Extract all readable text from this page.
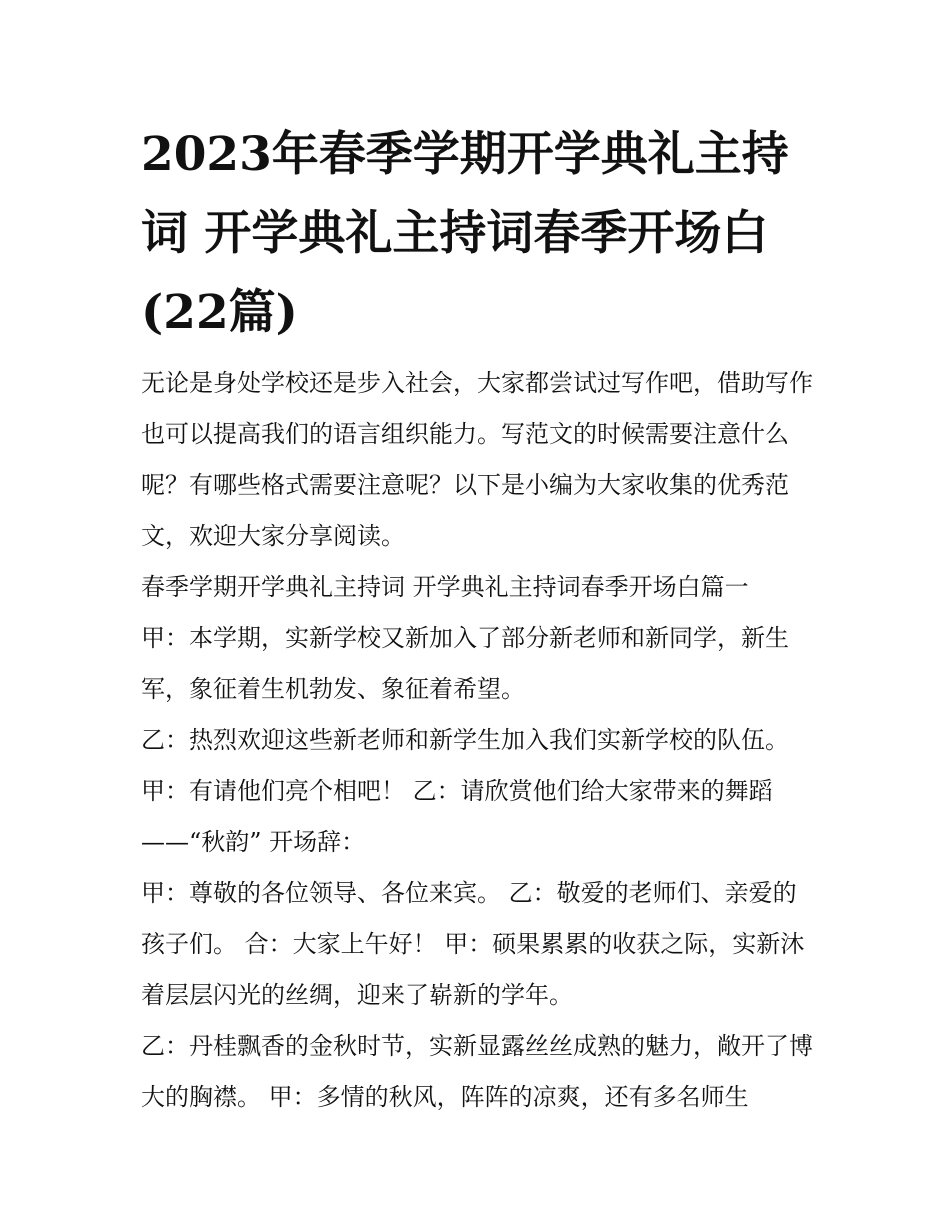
2023年春季学期开学典礼主持词 开学典礼主持词春季开场白(22篇)

无论是身处学校还是步入社会，大家都尝试过写作吧，借助写作也可以提高我们的语言组织能力。写范文的时候需要注意什么呢？有哪些格式需要注意呢？以下是小编为大家收集的优秀范文，欢迎大家分享阅读。

春季学期开学典礼主持词 开学典礼主持词春季开场白篇一

甲：本学期，实新学校又新加入了部分新老师和新同学，新生军，象征着生机勃发、象征着希望。

乙：热烈欢迎这些新老师和新学生加入我们实新学校的队伍。

甲：有请他们亮个相吧！ 乙：请欣赏他们给大家带来的舞蹈——“秋韵” 开场辞：

甲：尊敬的各位领导、各位来宾。 乙：敬爱的老师们、亲爱的孩子们。 合：大家上午好！ 甲：硕果累累的收获之际，实新沐着层层闪光的丝绸，迎来了崭新的学年。

乙：丹桂飘香的金秋时节，实新显露丝丝成熟的魅力，敞开了博大的胸襟。 甲：多情的秋风，阵阵的凉爽，还有多名师生
